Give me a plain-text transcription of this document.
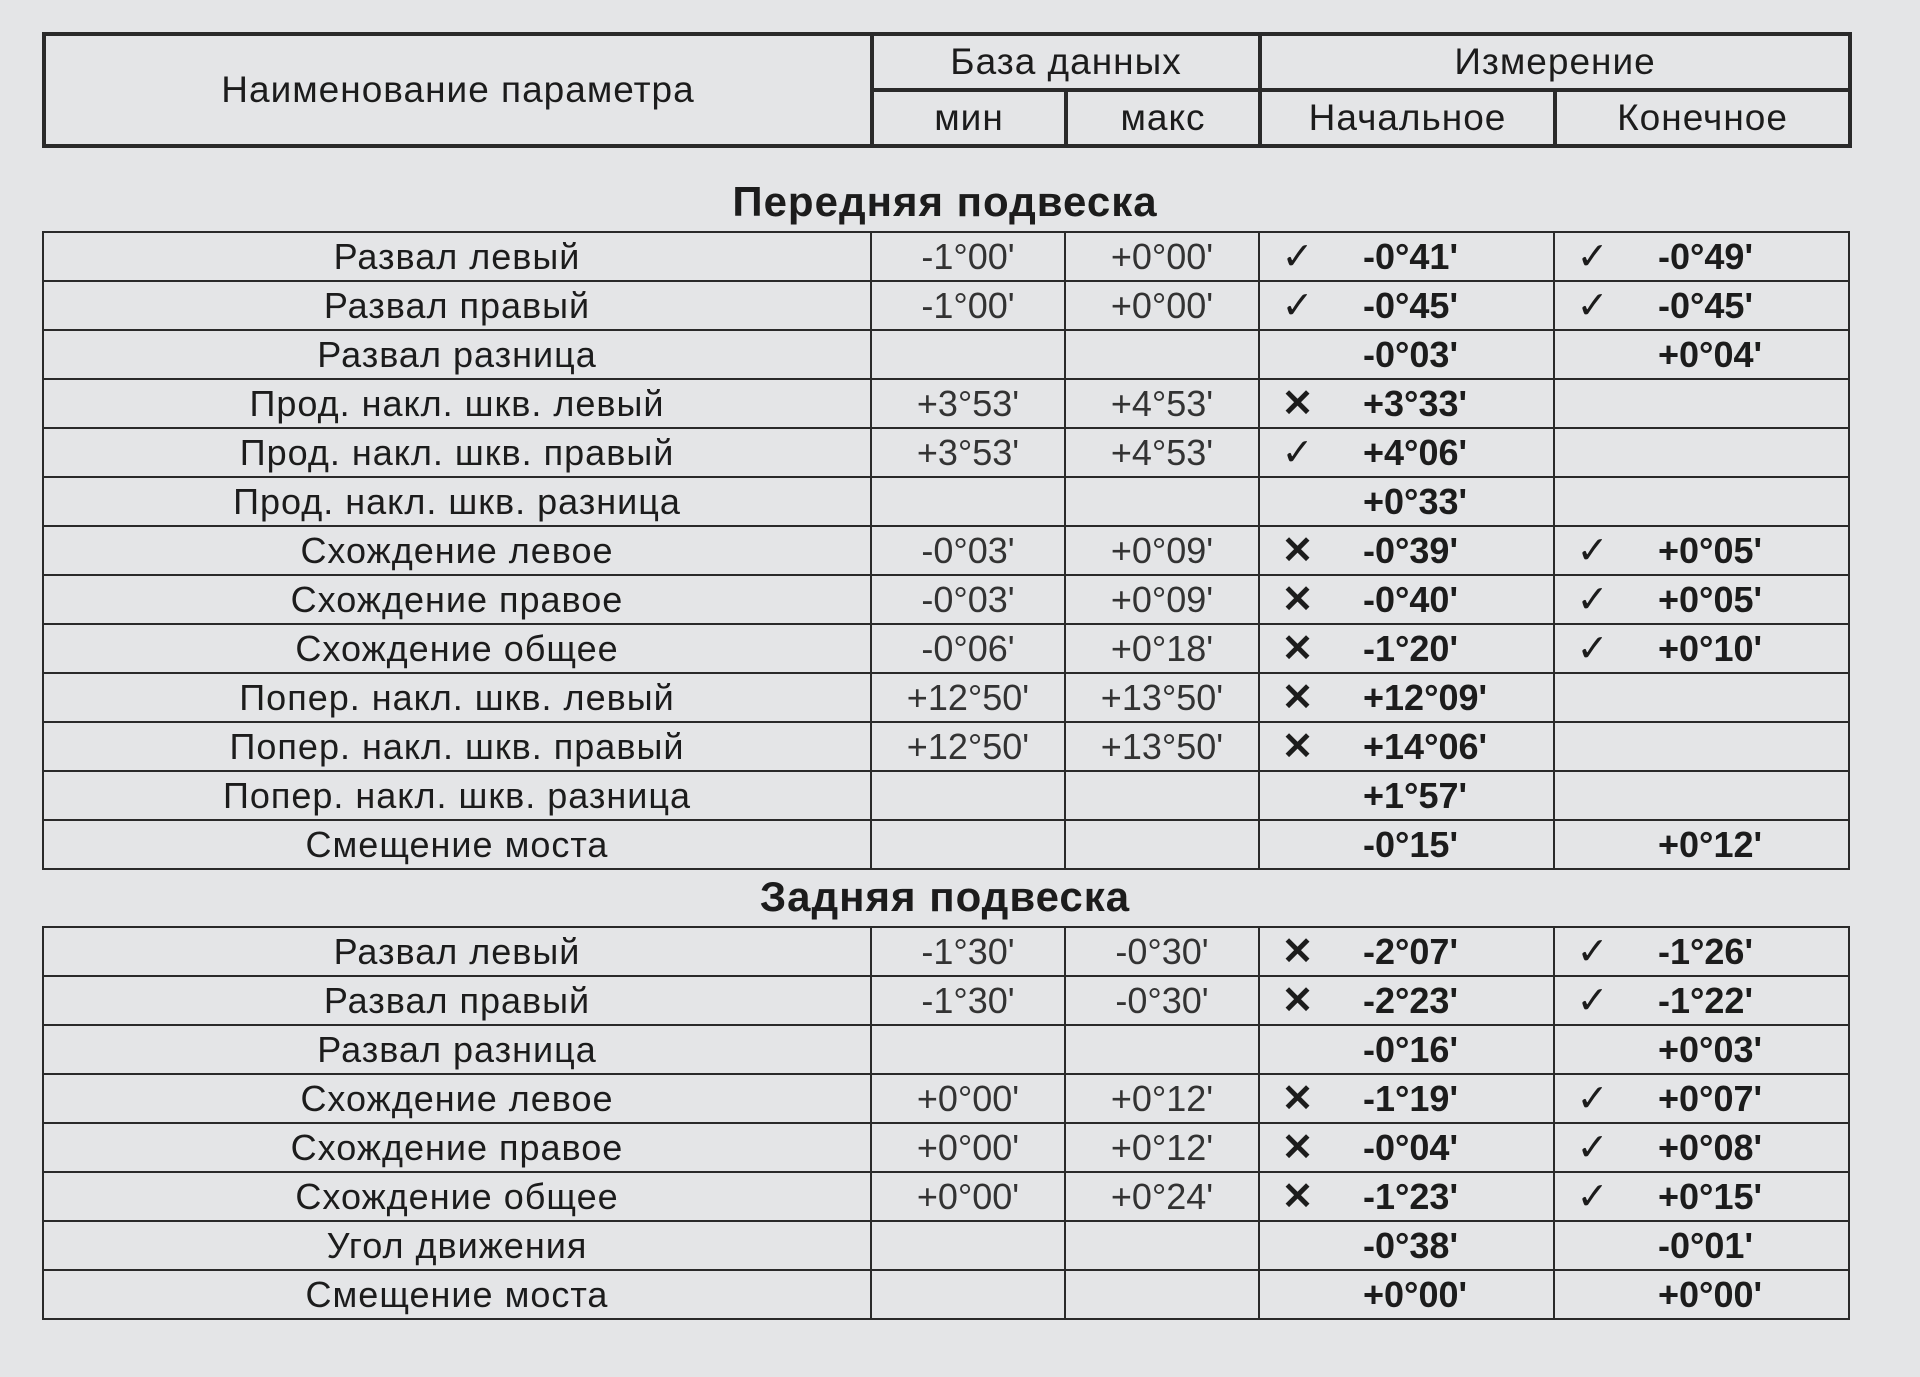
Наименование параметра	База данных		Измерение	
	мин	макс	Начальное	Конечное
Передняя подвеска
Развал левый	-1°00'	+0°00'	✓	-0°41'	✓	-0°49'
Развал правый	-1°00'	+0°00'	✓	-0°45'	✓	-0°45'
Развал разница				-0°03'		+0°04'
Прод. накл. шкв. левый	+3°53'	+4°53'	✕	+3°33'		
Прод. накл. шкв. правый	+3°53'	+4°53'	✓	+4°06'		
Прод. накл. шкв. разница				+0°33'		
Схождение левое	-0°03'	+0°09'	✕	-0°39'	✓	+0°05'
Схождение правое	-0°03'	+0°09'	✕	-0°40'	✓	+0°05'
Схождение общее	-0°06'	+0°18'	✕	-1°20'	✓	+0°10'
Попер. накл. шкв. левый	+12°50'	+13°50'	✕	+12°09'		
Попер. накл. шкв. правый	+12°50'	+13°50'	✕	+14°06'		
Попер. накл. шкв. разница				+1°57'		
Смещение моста				-0°15'		+0°12'
Задняя подвеска
Развал левый	-1°30'	-0°30'	✕	-2°07'	✓	-1°26'
Развал правый	-1°30'	-0°30'	✕	-2°23'	✓	-1°22'
Развал разница				-0°16'		+0°03'
Схождение левое	+0°00'	+0°12'	✕	-1°19'	✓	+0°07'
Схождение правое	+0°00'	+0°12'	✕	-0°04'	✓	+0°08'
Схождение общее	+0°00'	+0°24'	✕	-1°23'	✓	+0°15'
Угол движения				-0°38'		-0°01'
Смещение моста				+0°00'		+0°00'
